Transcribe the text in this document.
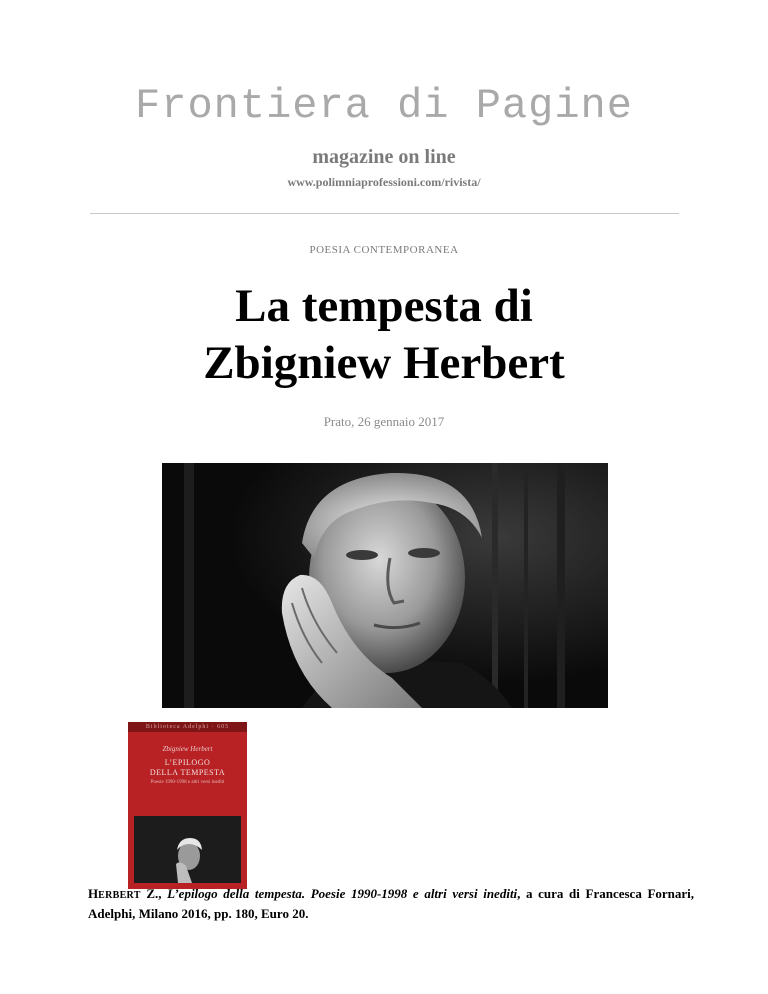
Frontiera di Pagine
magazine on line
www.polimniaprofessioni.com/rivista/
POESIA CONTEMPORANEA
La tempesta di
Zbigniew Herbert
Prato, 26 gennaio 2017
Biblioteca Adelphi · 605
Zbigniew Herbert
L’EPILOGO
DELLA TEMPESTA
Poesie 1990-1998 e altri versi inediti
HERBERT Z., L’epilogo della tempesta. Poesie 1990-1998 e altri versi inediti, a cura di Francesca Fornari, Adelphi, Milano 2016, pp. 180, Euro 20.
